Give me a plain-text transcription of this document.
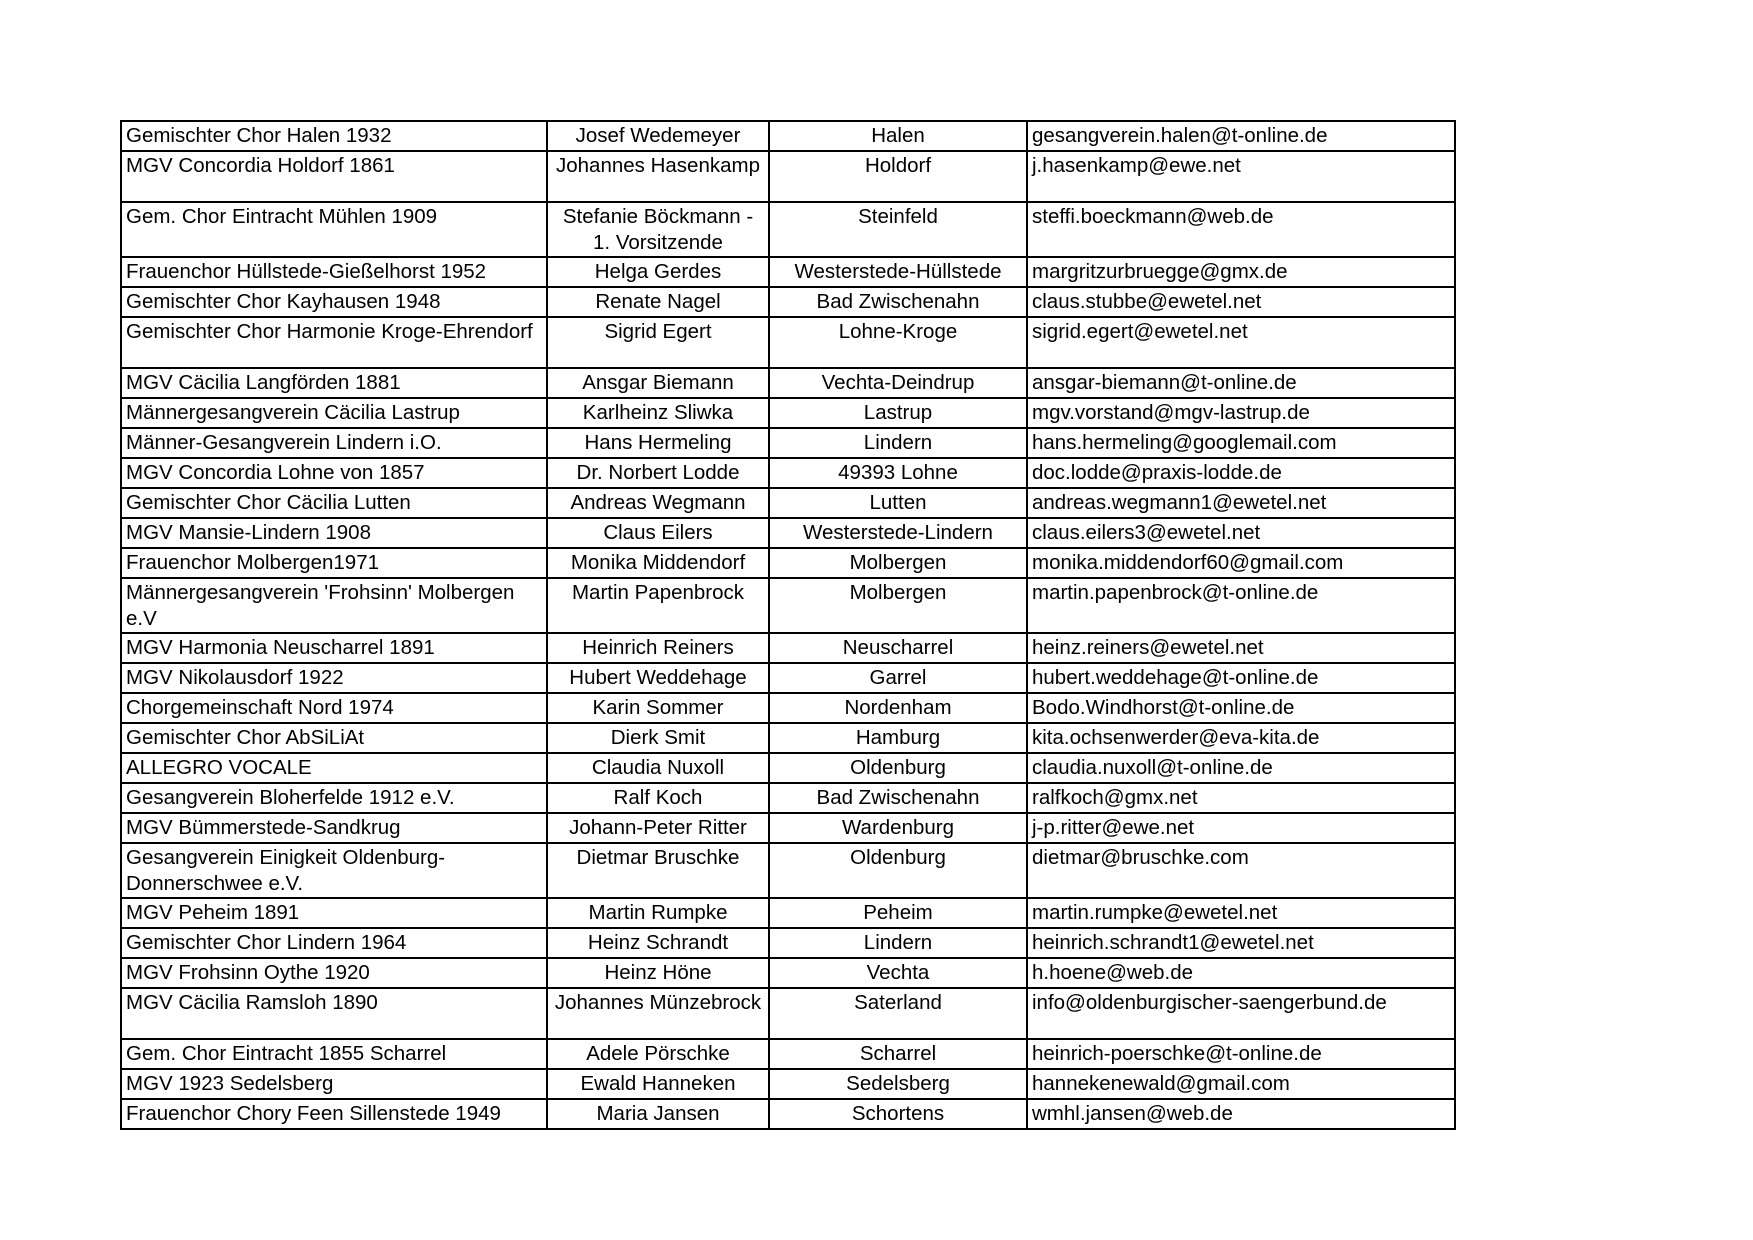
Gemischter Chor Halen 1932	Josef Wedemeyer	Halen	gesangverein.halen@t-online.de
MGV Concordia Holdorf 1861	Johannes Hasenkamp	Holdorf	j.hasenkamp@ewe.net
Gem. Chor Eintracht Mühlen 1909	Stefanie Böckmann - 1. Vorsitzende	Steinfeld	steffi.boeckmann@web.de
Frauenchor Hüllstede-Gießelhorst 1952	Helga Gerdes	Westerstede-Hüllstede	margritzurbruegge@gmx.de
Gemischter Chor Kayhausen 1948	Renate Nagel	Bad Zwischenahn	claus.stubbe@ewetel.net
Gemischter Chor Harmonie Kroge-Ehrendorf	Sigrid Egert	Lohne-Kroge	sigrid.egert@ewetel.net
MGV Cäcilia Langförden 1881	Ansgar Biemann	Vechta-Deindrup	ansgar-biemann@t-online.de
Männergesangverein Cäcilia Lastrup	Karlheinz Sliwka	Lastrup	mgv.vorstand@mgv-lastrup.de
Männer-Gesangverein Lindern i.O.	Hans Hermeling	Lindern	hans.hermeling@googlemail.com
MGV Concordia Lohne von 1857	Dr. Norbert Lodde	49393 Lohne	doc.lodde@praxis-lodde.de
Gemischter Chor Cäcilia Lutten	Andreas Wegmann	Lutten	andreas.wegmann1@ewetel.net
MGV Mansie-Lindern 1908	Claus Eilers	Westerstede-Lindern	claus.eilers3@ewetel.net
Frauenchor Molbergen1971	Monika Middendorf	Molbergen	monika.middendorf60@gmail.com
Männergesangverein 'Frohsinn' Molbergen e.V	Martin Papenbrock	Molbergen	martin.papenbrock@t-online.de
MGV Harmonia Neuscharrel 1891	Heinrich Reiners	Neuscharrel	heinz.reiners@ewetel.net
MGV Nikolausdorf 1922	Hubert Weddehage	Garrel	hubert.weddehage@t-online.de
Chorgemeinschaft Nord 1974	Karin Sommer	Nordenham	Bodo.Windhorst@t-online.de
Gemischter Chor AbSiLiAt	Dierk Smit	Hamburg	kita.ochsenwerder@eva-kita.de
ALLEGRO VOCALE	Claudia Nuxoll	Oldenburg	claudia.nuxoll@t-online.de
Gesangverein Bloherfelde 1912 e.V.	Ralf Koch	Bad Zwischenahn	ralfkoch@gmx.net
MGV Bümmerstede-Sandkrug	Johann-Peter Ritter	Wardenburg	j-p.ritter@ewe.net
Gesangverein Einigkeit Oldenburg-Donnerschwee e.V.	Dietmar Bruschke	Oldenburg	dietmar@bruschke.com
MGV Peheim 1891	Martin Rumpke	Peheim	martin.rumpke@ewetel.net
Gemischter Chor Lindern 1964	Heinz Schrandt	Lindern	heinrich.schrandt1@ewetel.net
MGV Frohsinn Oythe 1920	Heinz Höne	Vechta	h.hoene@web.de
MGV Cäcilia Ramsloh 1890	Johannes Münzebrock	Saterland	info@oldenburgischer-saengerbund.de
Gem. Chor Eintracht 1855 Scharrel	Adele Pörschke	Scharrel	heinrich-poerschke@t-online.de
MGV 1923 Sedelsberg	Ewald Hanneken	Sedelsberg	hannekenewald@gmail.com
Frauenchor Chory Feen Sillenstede 1949	Maria Jansen	Schortens	wmhl.jansen@web.de
